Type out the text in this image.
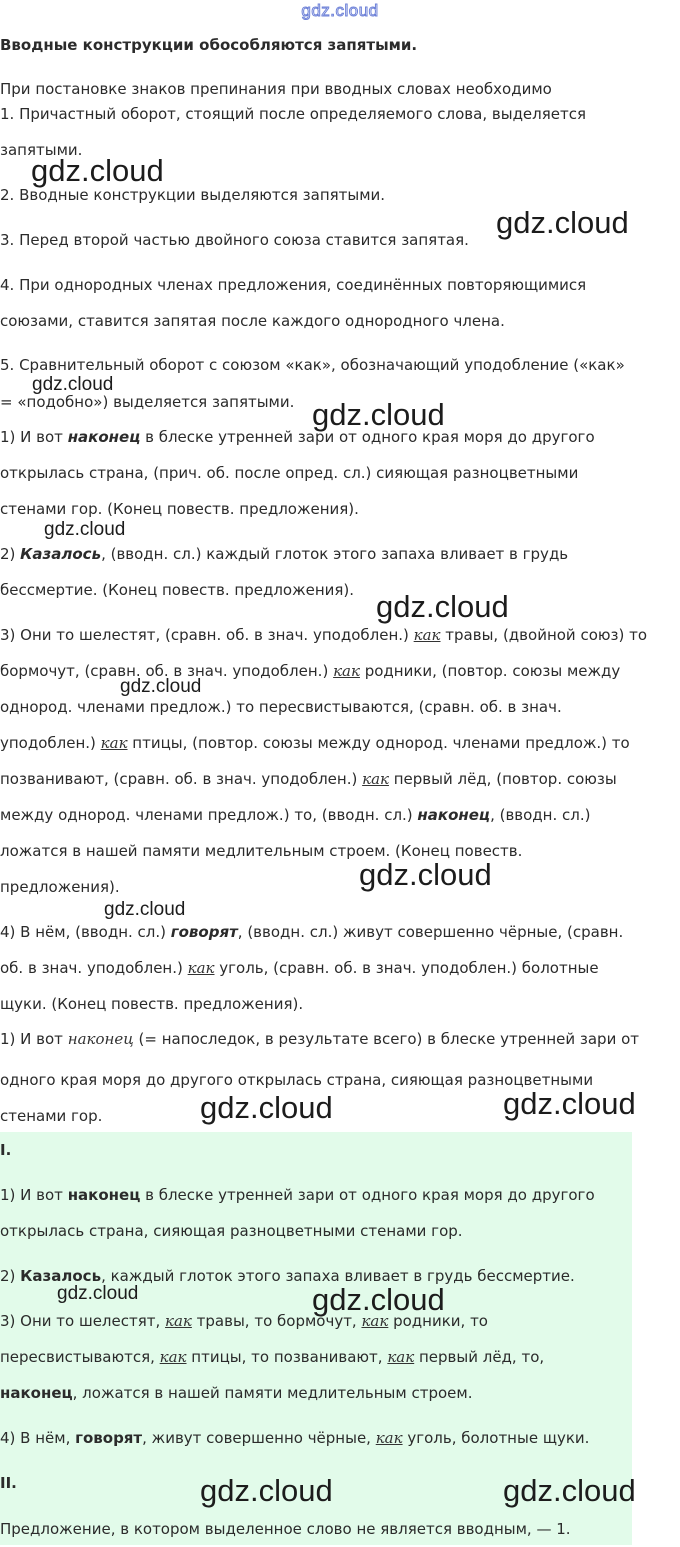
gdz.cloud
Вводные конструкции обособляются запятыми.
При постановке знаков препинания при вводных словах необходимо
1. Причастный оборот, стоящий после определяемого слова, выделяется
запятыми.
2. Вводные конструкции выделяются запятыми.
3. Перед второй частью двойного союза ставится запятая.
4. При однородных членах предложения, соединённых повторяющимися
союзами, ставится запятая после каждого однородного члена.
5. Сравнительный оборот с союзом «как», обозначающий уподобление («как»
= «подобно») выделяется запятыми.
1) И вот наконец в блеске утренней зари от одного края моря до другого
открылась страна, (прич. об. после опред. сл.) сияющая разноцветными
стенами гор. (Конец повеств. предложения).
2) Казалось, (вводн. сл.) каждый глоток этого запаха вливает в грудь
бессмертие. (Конец повеств. предложения).
3) Они то шелестят, (сравн. об. в знач. уподоблен.) как травы, (двойной союз) то
бормочут, (сравн. об. в знач. уподоблен.) как родники, (повтор. союзы между
однород. членами предлож.) то пересвистываются, (сравн. об. в знач.
уподоблен.) как птицы, (повтор. союзы между однород. членами предлож.) то
позванивают, (сравн. об. в знач. уподоблен.) как первый лёд, (повтор. союзы
между однород. членами предлож.) то, (вводн. сл.) наконец, (вводн. сл.)
ложатся в нашей памяти медлительным строем. (Конец повеств.
предложения).
4) В нём, (вводн. сл.) говорят, (вводн. сл.) живут совершенно чёрные, (сравн.
об. в знач. уподоблен.) как уголь, (сравн. об. в знач. уподоблен.) болотные
щуки. (Конец повеств. предложения).
1) И вот наконец (= напоследок, в результате всего) в блеске утренней зари от
одного края моря до другого открылась страна, сияющая разноцветными
стенами гор.
I.
1) И вот наконец в блеске утренней зари от одного края моря до другого
открылась страна, сияющая разноцветными стенами гор.
2) Казалось, каждый глоток этого запаха вливает в грудь бессмертие.
3) Они то шелестят, как травы, то бормочут, как родники, то
пересвистываются, как птицы, то позванивают, как первый лёд, то,
наконец, ложатся в нашей памяти медлительным строем.
4) В нём, говорят, живут совершенно чёрные, как уголь, болотные щуки.
II.
Предложение, в котором выделенное слово не является вводным, — 1.
gdz.cloud
gdz.cloud
gdz.cloud
gdz.cloud
gdz.cloud
gdz.cloud
gdz.cloud
gdz.cloud
gdz.cloud
gdz.cloud	gdz.cloud
gdz.cloud	gdz.cloud
gdz.cloud	gdz.cloud
